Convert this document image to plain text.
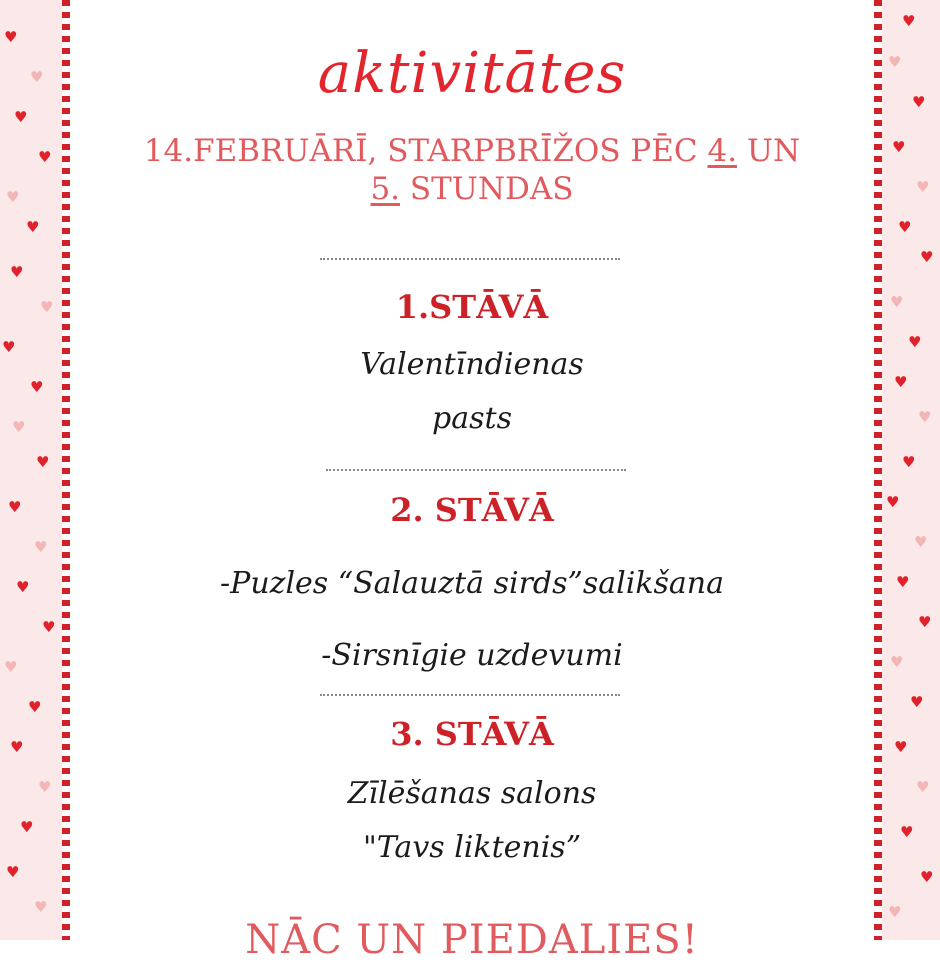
♥
♥
♥
♥
♥
♥
♥
♥
♥
♥
♥
♥
♥
♥
♥
♥
♥
♥
♥
♥
♥
♥
♥
♥
♥
♥
♥
♥
♥
♥
♥
♥
♥
♥
♥
♥
♥
♥
♥
♥
♥
♥
♥
♥
♥
♥
aktivitātes
14.FEBRUĀRĪ, STARPBRĪŽOS PĒC 4. UN
5. STUNDAS
1.STĀVĀ
Valentīndienas
pasts
2. STĀVĀ
-Puzles “Salauztā sirds”salikšana
-Sirsnīgie uzdevumi
3. STĀVĀ
Zīlēšanas salons
"Tavs liktenis”
NĀC UN PIEDALIES!
